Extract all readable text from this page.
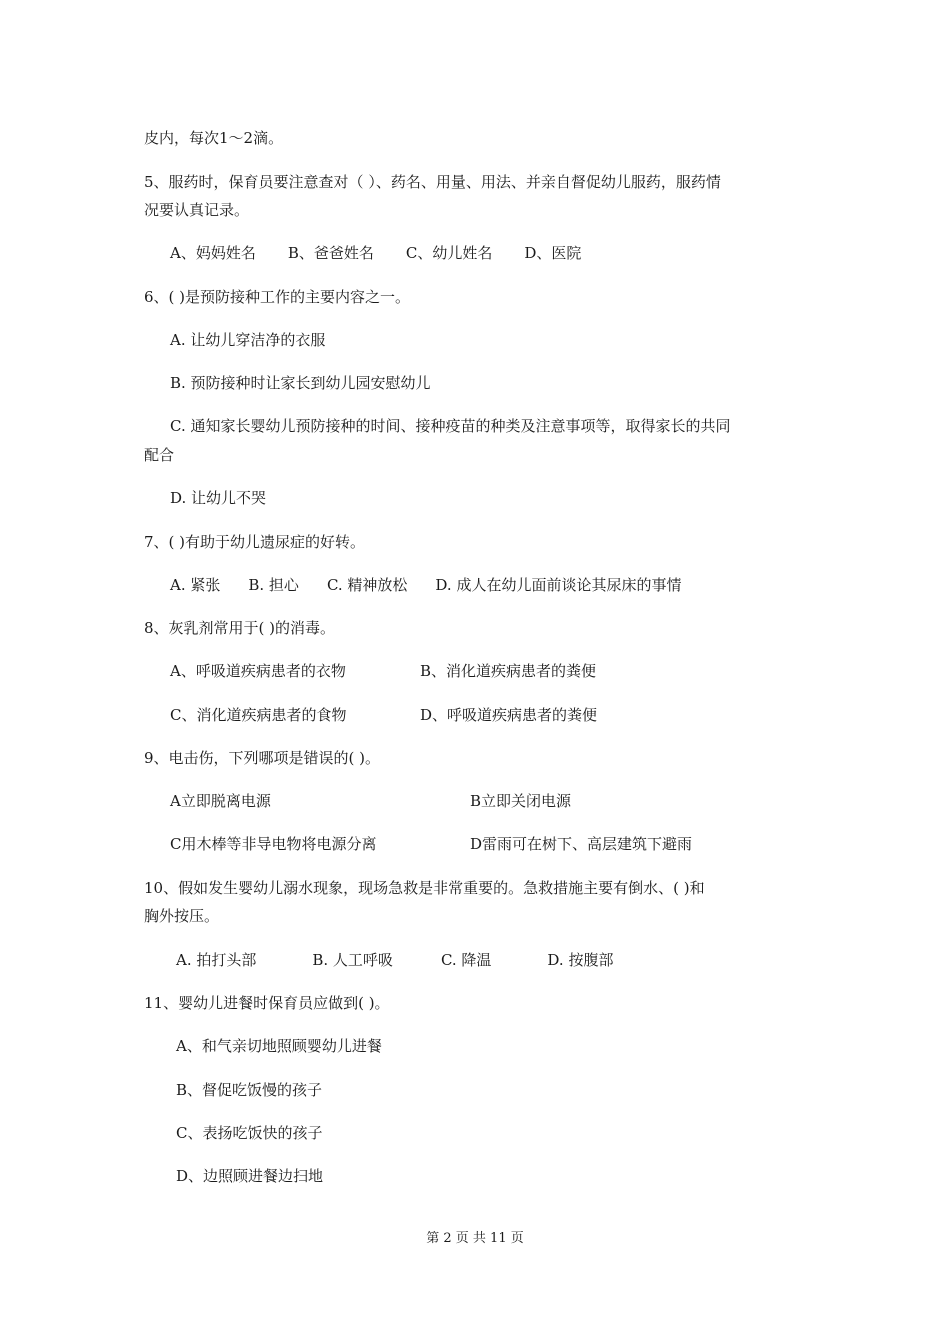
皮内，每次1～2滴。
5、服药时，保育员要注意查对（ ）、药名、用量、用法、并亲自督促幼儿服药，服药情
况要认真记录。
A、妈妈姓名 B、爸爸姓名 C、幼儿姓名 D、医院
6、( )是预防接种工作的主要内容之一。
A. 让幼儿穿洁净的衣服
B. 预防接种时让家长到幼儿园安慰幼儿
C. 通知家长婴幼儿预防接种的时间、接种疫苗的种类及注意事项等，取得家长的共同
配合
D. 让幼儿不哭
7、( )有助于幼儿遗尿症的好转。
A. 紧张 B. 担心 C. 精神放松 D. 成人在幼儿面前谈论其尿床的事情
8、灰乳剂常用于( )的消毒。
A、呼吸道疾病患者的衣物	B、消化道疾病患者的粪便
C、消化道疾病患者的食物	D、呼吸道疾病患者的粪便
9、电击伤，下列哪项是错误的( )。
A立即脱离电源	B立即关闭电源
C用木棒等非导电物将电源分离	D雷雨可在树下、高层建筑下避雨
10、假如发生婴幼儿溺水现象，现场急救是非常重要的。急救措施主要有倒水、( )和
胸外按压。
A. 拍打头部	B. 人工呼吸	C. 降温	D. 按腹部
11、婴幼儿进餐时保育员应做到( )。
A、和气亲切地照顾婴幼儿进餐
B、督促吃饭慢的孩子
C、表扬吃饭快的孩子
D、边照顾进餐边扫地
第 2 页 共 11 页
